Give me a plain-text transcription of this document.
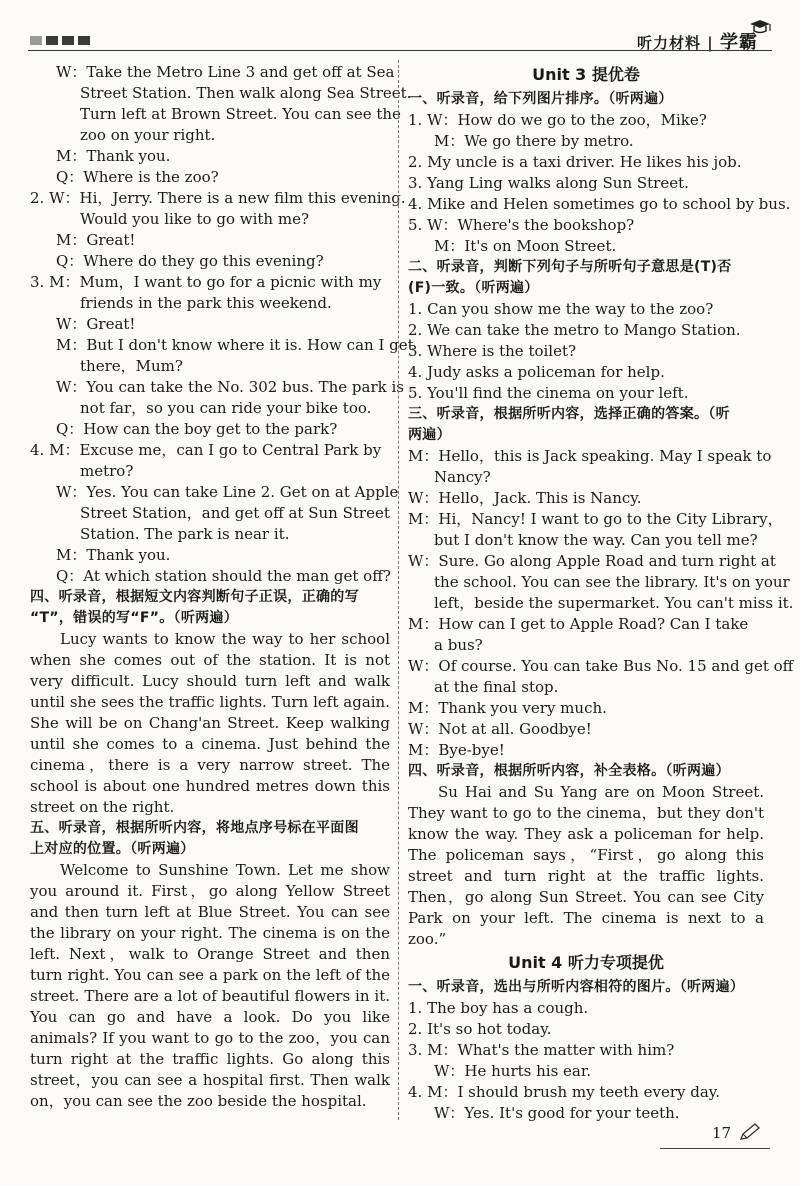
听力材料 | 学霸
W：Take the Metro Line 3 and get off at Sea
Street Station. Then walk along Sea Street.
Turn left at Brown Street. You can see the
zoo on your right.
M：Thank you.
Q：Where is the zoo?
2. W：Hi，Jerry. There is a new film this evening.
Would you like to go with me?
M：Great!
Q：Where do they go this evening?
3. M：Mum，I want to go for a picnic with my
friends in the park this weekend.
W：Great!
M：But I don't know where it is. How can I get
there，Mum?
W：You can take the No. 302 bus. The park is
not far，so you can ride your bike too.
Q：How can the boy get to the park?
4. M：Excuse me，can I go to Central Park by
metro?
W：Yes. You can take Line 2. Get on at Apple
Street Station，and get off at Sun Street
Station. The park is near it.
M：Thank you.
Q：At which station should the man get off?
四、听录音，根据短文内容判断句子正误，正确的写
“T”，错误的写“F”。（听两遍）
Lucy wants to know the way to her school when she comes out of the station. It is not very difficult. Lucy should turn left and walk until she sees the traffic lights. Turn left again. She will be on Chang'an Street. Keep walking until she comes to a cinema. Just behind the cinema，there is a very narrow street. The school is about one hundred metres down this street on the right.
五、听录音，根据所听内容，将地点序号标在平面图
上对应的位置。（听两遍）
Welcome to Sunshine Town. Let me show you around it. First，go along Yellow Street and then turn left at Blue Street. You can see the library on your right. The cinema is on the left. Next，walk to Orange Street and then turn right. You can see a park on the left of the street. There are a lot of beautiful flowers in it. You can go and have a look. Do you like animals? If you want to go to the zoo，you can turn right at the traffic lights. Go along this street，you can see a hospital first. Then walk on，you can see the zoo beside the hospital.
Unit 3 提优卷
一、听录音，给下列图片排序。（听两遍）
1. W：How do we go to the zoo，Mike?
M：We go there by metro.
2. My uncle is a taxi driver. He likes his job.
3. Yang Ling walks along Sun Street.
4. Mike and Helen sometimes go to school by bus.
5. W：Where's the bookshop?
M：It's on Moon Street.
二、听录音，判断下列句子与所听句子意思是(T)否
(F)一致。（听两遍）
1. Can you show me the way to the zoo?
2. We can take the metro to Mango Station.
3. Where is the toilet?
4. Judy asks a policeman for help.
5. You'll find the cinema on your left.
三、听录音，根据所听内容，选择正确的答案。（听
两遍）
M：Hello，this is Jack speaking. May I speak to
Nancy?
W：Hello，Jack. This is Nancy.
M：Hi，Nancy! I want to go to the City Library，
but I don't know the way. Can you tell me?
W：Sure. Go along Apple Road and turn right at
the school. You can see the library. It's on your
left，beside the supermarket. You can't miss it.
M：How can I get to Apple Road? Can I take
a bus?
W：Of course. You can take Bus No. 15 and get off
at the final stop.
M：Thank you very much.
W：Not at all. Goodbye!
M：Bye-bye!
四、听录音，根据所听内容，补全表格。（听两遍）
Su Hai and Su Yang are on Moon Street. They want to go to the cinema，but they don't know the way. They ask a policeman for help. The policeman says，“First，go along this street and turn right at the traffic lights. Then，go along Sun Street. You can see City Park on your left. The cinema is next to a zoo.”
Unit 4 听力专项提优
一、听录音，选出与所听内容相符的图片。（听两遍）
1. The boy has a cough.
2. It's so hot today.
3. M：What's the matter with him?
W：He hurts his ear.
4. M：I should brush my teeth every day.
W：Yes. It's good for your teeth.
17
